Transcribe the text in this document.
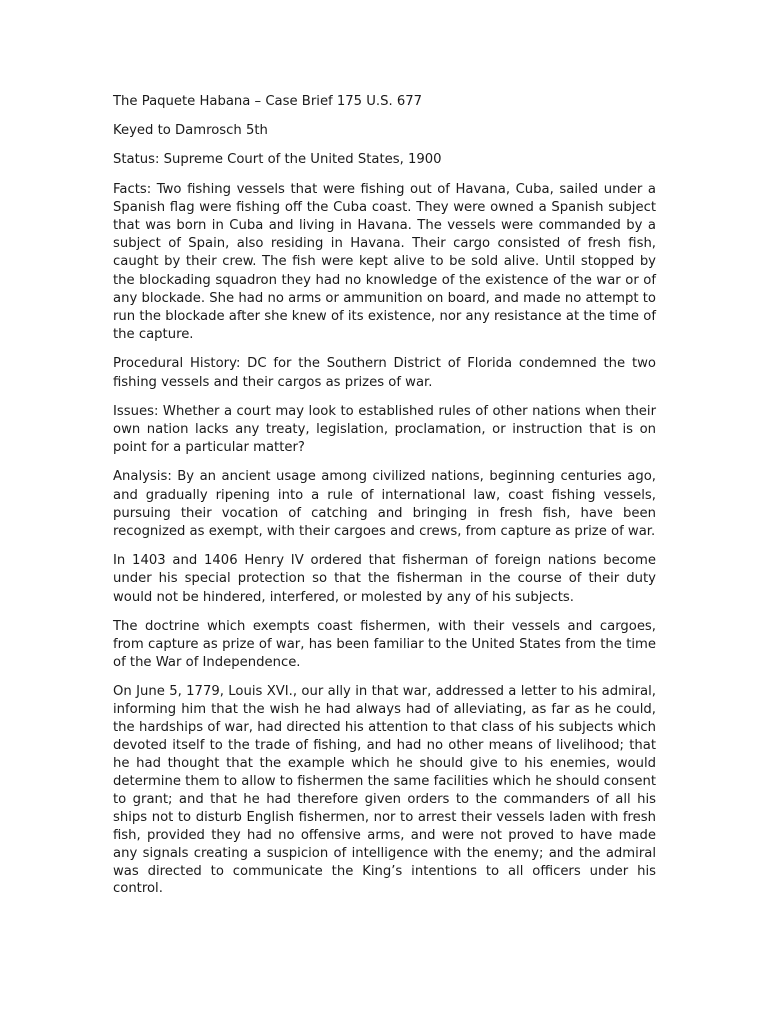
The Paquete Habana – Case Brief 175 U.S. 677

Keyed to Damrosch 5th

Status: Supreme Court of the United States, 1900

Facts: Two fishing vessels that were fishing out of Havana, Cuba, sailed under a Spanish flag were fishing off the Cuba coast. They were owned a Spanish subject that was born in Cuba and living in Havana. The vessels were commanded by a subject of Spain, also residing in Havana. Their cargo consisted of fresh fish, caught by their crew. The fish were kept alive to be sold alive. Until stopped by the blockading squadron they had no knowledge of the existence of the war or of any blockade. She had no arms or ammunition on board, and made no attempt to run the blockade after she knew of its existence, nor any resistance at the time of the capture.

Procedural History: DC for the Southern District of Florida condemned the two fishing vessels and their cargos as prizes of war.

Issues: Whether a court may look to established rules of other nations when their own nation lacks any treaty, legislation, proclamation, or instruction that is on point for a particular matter?

Analysis: By an ancient usage among civilized nations, beginning centuries ago, and gradually ripening into a rule of international law, coast fishing vessels, pursuing their vocation of catching and bringing in fresh fish, have been recognized as exempt, with their cargoes and crews, from capture as prize of war.

In 1403 and 1406 Henry IV ordered that fisherman of foreign nations become under his special protection so that the fisherman in the course of their duty would not be hindered, interfered, or molested by any of his subjects.

The doctrine which exempts coast fishermen, with their vessels and cargoes, from capture as prize of war, has been familiar to the United States from the time of the War of Independence.

On June 5, 1779, Louis XVI., our ally in that war, addressed a letter to his admiral, informing him that the wish he had always had of alleviating, as far as he could, the hardships of war, had directed his attention to that class of his subjects which devoted itself to the trade of fishing, and had no other means of livelihood; that he had thought that the example which he should give to his enemies, would determine them to allow to fishermen the same facilities which he should consent to grant; and that he had therefore given orders to the commanders of all his ships not to disturb English fishermen, nor to arrest their vessels laden with fresh fish, provided they had no offensive arms, and were not proved to have made any signals creating a suspicion of intelligence with the enemy; and the admiral was directed to communicate the King’s intentions to all officers under his control.
